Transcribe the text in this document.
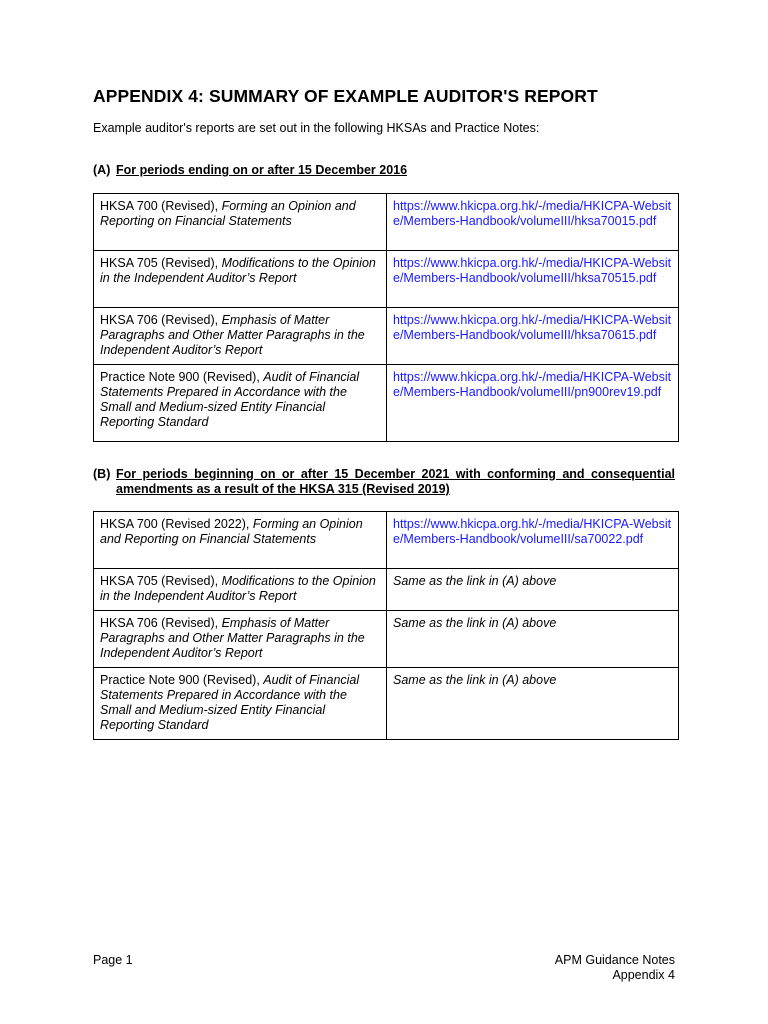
APPENDIX 4: SUMMARY OF EXAMPLE AUDITOR'S REPORT
Example auditor's reports are set out in the following HKSAs and Practice Notes:
(A) For periods ending on or after 15 December 2016
HKSA 700 (Revised), Forming an Opinion and Reporting on Financial Statements	https://www.hkicpa.org.hk/-/media/HKICPA-Website/Members-Handbook/volumeIII/hksa70015.pdf
HKSA 705 (Revised), Modifications to the Opinion in the Independent Auditor’s Report	https://www.hkicpa.org.hk/-/media/HKICPA-Website/Members-Handbook/volumeIII/hksa70515.pdf
HKSA 706 (Revised), Emphasis of Matter Paragraphs and Other Matter Paragraphs in the Independent Auditor’s Report	https://www.hkicpa.org.hk/-/media/HKICPA-Website/Members-Handbook/volumeIII/hksa70615.pdf
Practice Note 900 (Revised), Audit of Financial Statements Prepared in Accordance with the Small and Medium-sized Entity Financial Reporting Standard	https://www.hkicpa.org.hk/-/media/HKICPA-Website/Members-Handbook/volumeIII/pn900rev19.pdf
(B) For periods beginning on or after 15 December 2021 with conforming and consequential amendments as a result of the HKSA 315 (Revised 2019)
HKSA 700 (Revised 2022), Forming an Opinion and Reporting on Financial Statements	https://www.hkicpa.org.hk/-/media/HKICPA-Website/Members-Handbook/volumeIII/sa70022.pdf
HKSA 705 (Revised), Modifications to the Opinion in the Independent Auditor’s Report	Same as the link in (A) above
HKSA 706 (Revised), Emphasis of Matter Paragraphs and Other Matter Paragraphs in the Independent Auditor’s Report	Same as the link in (A) above
Practice Note 900 (Revised), Audit of Financial Statements Prepared in Accordance with the Small and Medium-sized Entity Financial Reporting Standard	Same as the link in (A) above
Page 1	APM Guidance Notes
Appendix 4
